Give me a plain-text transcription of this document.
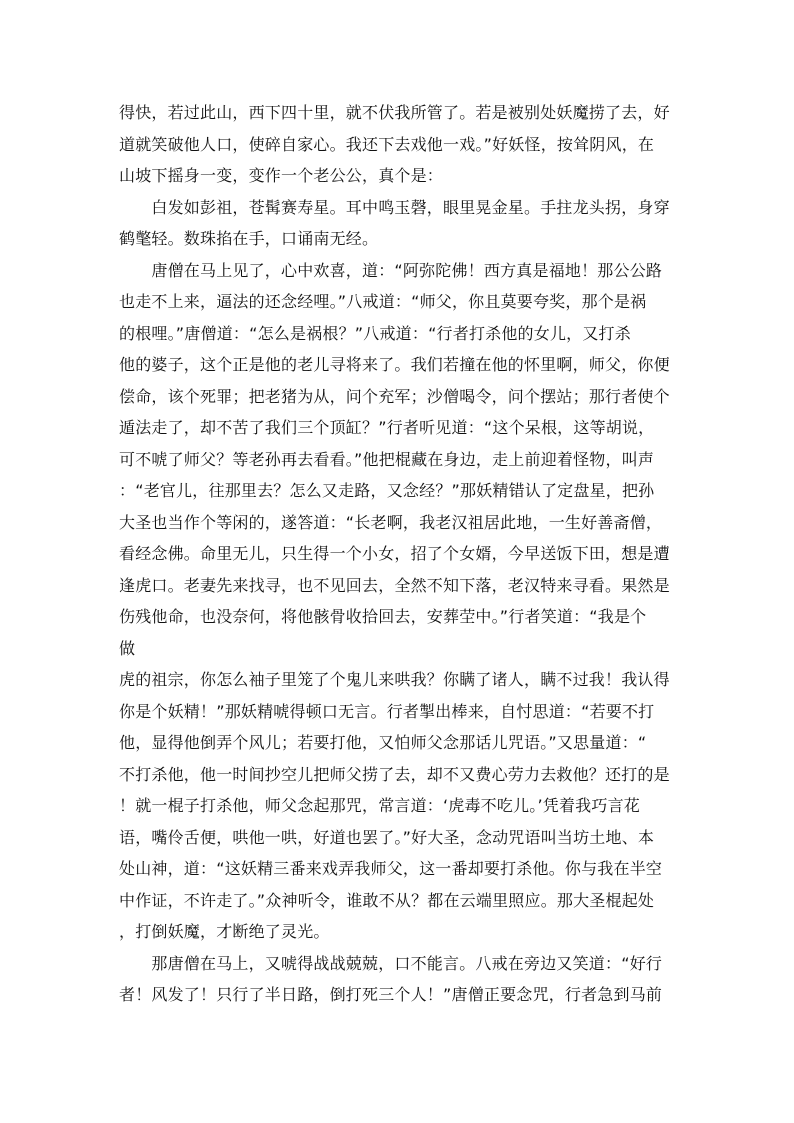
得快，若过此山，西下四十里，就不伏我所管了。若是被别处妖魔捞了去，好
道就笑破他人口，使碎自家心。我还下去戏他一戏。”好妖怪，按耸阴风，在
山坡下摇身一变，变作一个老公公，真个是：
　　白发如彭祖，苍髯赛寿星。耳中鸣玉磬，眼里晃金星。手拄龙头拐，身穿
鹤氅轻。数珠掐在手，口诵南无经。
　　唐僧在马上见了，心中欢喜，道：“阿弥陀佛！西方真是福地！那公公路
也走不上来，逼法的还念经哩。”八戒道：“师父，你且莫要夸奖，那个是祸
的根哩。”唐僧道：“怎么是祸根？”八戒道：“行者打杀他的女儿，又打杀
他的婆子，这个正是他的老儿寻将来了。我们若撞在他的怀里啊，师父，你便
偿命，该个死罪；把老猪为从，问个充军；沙僧喝令，问个摆站；那行者使个
遁法走了，却不苦了我们三个顶缸？”行者听见道：“这个呆根，这等胡说，
可不唬了师父？等老孙再去看看。”他把棍藏在身边，走上前迎着怪物，叫声
：“老官儿，往那里去？怎么又走路，又念经？”那妖精错认了定盘星，把孙
大圣也当作个等闲的，遂答道：“长老啊，我老汉祖居此地，一生好善斋僧，
看经念佛。命里无儿，只生得一个小女，招了个女婿，今早送饭下田，想是遭
逢虎口。老妻先来找寻，也不见回去，全然不知下落，老汉特来寻看。果然是
伤残他命，也没奈何，将他骸骨收拾回去，安葬茔中。”行者笑道：“我是个
做
虎的祖宗，你怎么袖子里笼了个鬼儿来哄我？你瞒了诸人，瞒不过我！我认得
你是个妖精！”那妖精唬得顿口无言。行者掣出棒来，自忖思道：“若要不打
他，显得他倒弄个风儿；若要打他，又怕师父念那话儿咒语。”又思量道：“
不打杀他，他一时间抄空儿把师父捞了去，却不又费心劳力去救他？还打的是
！就一棍子打杀他，师父念起那咒，常言道：‘虎毒不吃儿。’凭着我巧言花
语，嘴伶舌便，哄他一哄，好道也罢了。”好大圣，念动咒语叫当坊土地、本
处山神，道：“这妖精三番来戏弄我师父，这一番却要打杀他。你与我在半空
中作证，不许走了。”众神听令，谁敢不从？都在云端里照应。那大圣棍起处
，打倒妖魔，才断绝了灵光。
　　那唐僧在马上，又唬得战战兢兢，口不能言。八戒在旁边又笑道：“好行
者！风发了！只行了半日路，倒打死三个人！”唐僧正要念咒，行者急到马前
